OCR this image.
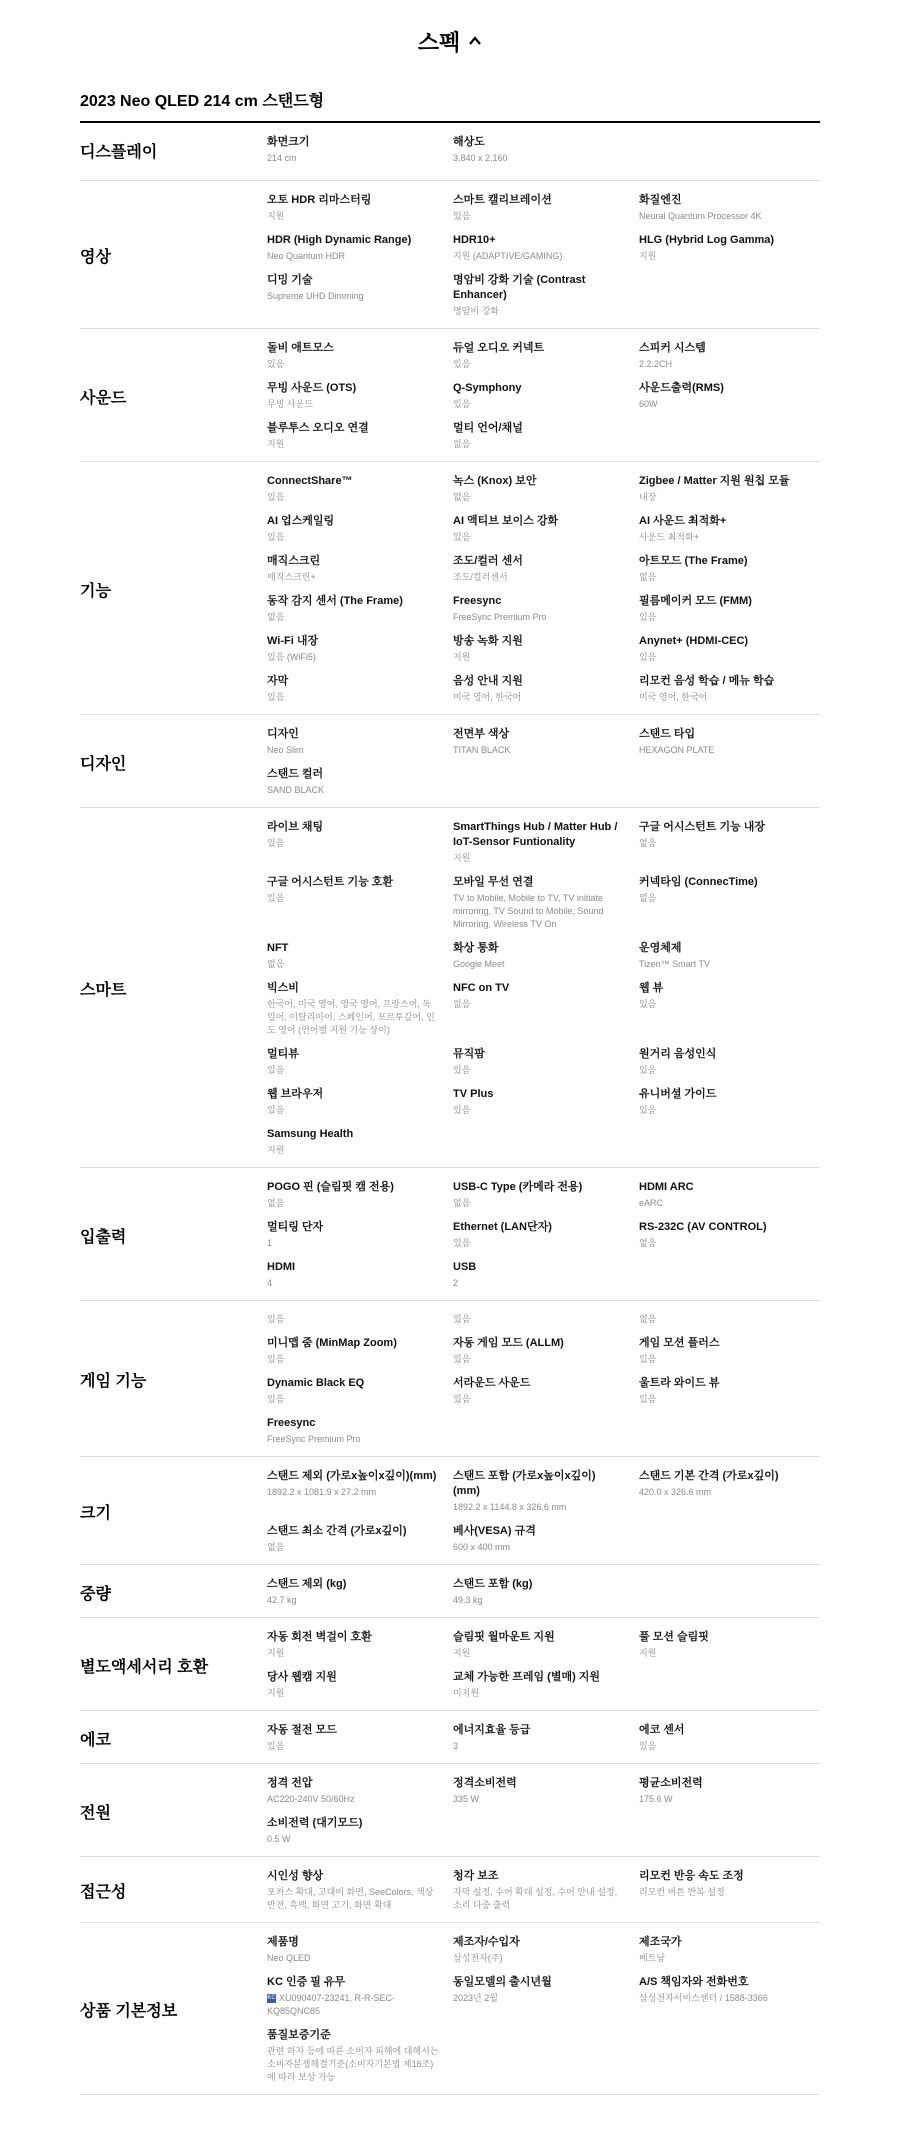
스펙
2023 Neo QLED 214 cm 스탠드형
디스플레이
화면크기
214 cm
해상도
3,840 x 2,160
영상
오토 HDR 리마스터링
지원
스마트 캘리브레이션
있음
화질엔진
Neural Quantum Processor 4K
HDR (High Dynamic Range)
Neo Quantum HDR
HDR10+
지원 (ADAPTIVE/GAMING)
HLG (Hybrid Log Gamma)
지원
디밍 기술
Supreme UHD Dimming
명암비 강화 기술 (Contrast Enhancer)
명암비 강화
사운드
돌비 애트모스
있음
듀얼 오디오 커넥트
있음
스피커 시스템
2.2.2CH
무빙 사운드 (OTS)
무빙 사운드
Q-Symphony
있음
사운드출력(RMS)
60W
블루투스 오디오 연결
지원
멀티 언어/채널
없음
기능
ConnectShare™
있음
녹스 (Knox) 보안
없음
Zigbee / Matter 지원 원칩 모듈
내장
AI 업스케일링
있음
AI 액티브 보이스 강화
있음
AI 사운드 최적화+
사운드 최적화+
매직스크린
매직스크린+
조도/컬러 센서
조도/컬러센서
아트모드 (The Frame)
없음
동작 감지 센서 (The Frame)
없음
Freesync
FreeSync Premium Pro
필름메이커 모드 (FMM)
있음
Wi-Fi 내장
있음 (WiFi5)
방송 녹화 지원
지원
Anynet+ (HDMI-CEC)
있음
자막
있음
음성 안내 지원
미국 영어, 한국어
리모컨 음성 학습 / 메뉴 학습
미국 영어, 한국어
디자인
디자인
Neo Slim
전면부 색상
TITAN BLACK
스탠드 타입
HEXAGON PLATE
스탠드 컬러
SAND BLACK
스마트
라이브 채팅
있음
SmartThings Hub / Matter Hub / IoT-Sensor Funtionality
지원
구글 어시스턴트 기능 내장
없음
구글 어시스턴트 기능 호환
있음
모바일 무선 연결
TV to Mobile, Mobile to TV, TV initiate mirroring, TV Sound to Mobile, Sound Mirroring, Wireless TV On
커넥타임 (ConnecTime)
없음
NFT
없음
화상 통화
Google Meet
운영체제
Tizen™ Smart TV
빅스비
한국어, 미국 영어, 영국 영어, 프랑스어, 독일어, 이탈리아어, 스페인어, 포르투갈어, 인도 영어 (언어별 지원 기능 상이)
NFC on TV
없음
웹 뷰
있음
멀티뷰
있음
뮤직팜
있음
원거리 음성인식
있음
웹 브라우저
있음
TV Plus
있음
유니버셜 가이드
있음
Samsung Health
지원
입출력
POGO 핀 (슬림핏 캠 전용)
없음
USB-C Type (카메라 전용)
없음
HDMI ARC
eARC
멀티링 단자
1
Ethernet (LAN단자)
있음
RS-232C (AV CONTROL)
없음
HDMI
4
USB
2
게임 기능
있음	있음	없음
미니맵 줌 (MinMap Zoom)
있음
자동 게임 모드 (ALLM)
있음
게임 모션 플러스
있음
Dynamic Black EQ
있음
서라운드 사운드
있음
울트라 와이드 뷰
있음
Freesync
FreeSync Premium Pro
크기
스탠드 제외 (가로x높이x깊이)(mm)
1892.2 x 1081.9 x 27.2 mm
스탠드 포함 (가로x높이x깊이) (mm)
1892.2 x 1144.8 x 326.6 mm
스탠드 기본 간격 (가로x깊이)
420.0 x 326.6 mm
스탠드 최소 간격 (가로x깊이)
없음
베사(VESA) 규격
600 x 400 mm
중량
스탠드 제외 (kg)
42.7 kg
스탠드 포함 (kg)
49.3 kg
별도액세서리 호환
자동 회전 벽걸이 호환
지원
슬림핏 월마운트 지원
지원
풀 모션 슬림핏
지원
당사 웹캠 지원
지원
교체 가능한 프레임 (별매) 지원
미지원
에코
자동 절전 모드
있음
에너지효율 등급
3
에코 센서
있음
전원
정격 전압
AC220-240V 50/60Hz
정격소비전력
335 W
평균소비전력
175.6 W
소비전력 (대기모드)
0.5 W
접근성
시인성 향상
포커스 확대, 고대비 화면, SeeColors, 색상 반전, 흑백, 화면 고기, 화면 확대
청각 보조
자막 설정, 수어 확대 설정, 수어 안내 설정, 소리 다중 출력
리모컨 반응 속도 조정
리모컨 버튼 반복 설정
상품 기본정보
제품명
Neo QLED
제조자/수입자
삼성전자(주)
제조국가
베트남
KC 인증 필 유무
KC XU090407-23241, R-R-SEC-KQ85QNC85
동일모델의 출시년월
2023년 2월
A/S 책임자와 전화번호
삼성전자서비스센터 / 1588-3366
품질보증기준
관련 하자 등에 따른 소비자 피해에 대해서는 소비자분쟁해결기준(소비자기본법 제16조)에 따라 보상 가능
